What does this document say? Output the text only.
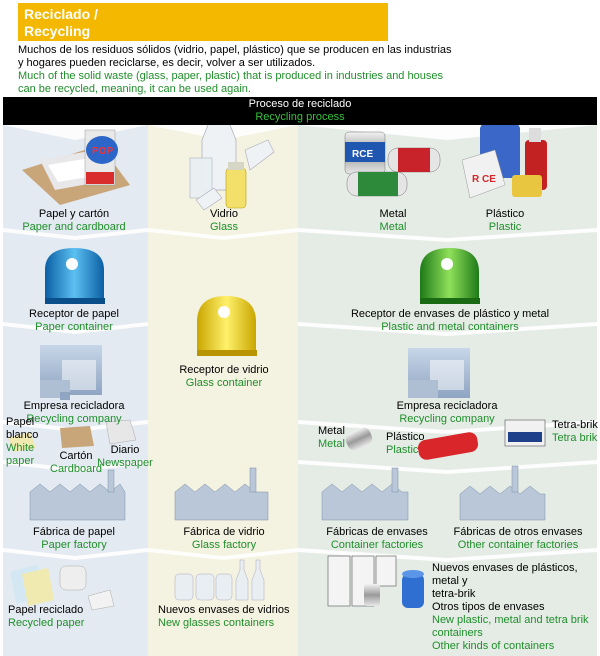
POP	RCE
R CE
Reciclado /
Recycling
Muchos de los residuos sólidos (vidrio, papel, plástico) que se producen en las industrias
y hogares pueden reciclarse, es decir, volver a ser utilizados.
Much of the solid waste (glass, paper, plastic) that is produced in industries and houses
can be recycled, meaning, it can be used again.
Proceso de reciclado
Recycling process
Papel y cartón
Paper and cardboard
Receptor de papel
Paper container
Empresa recicladora
Recycling company
Papel
blanco
White
paper	Cartón
Cardboard
Diario
Newspaper
Fábrica de papel
Paper factory
Papel reciclado
Recycled paper
Vidrio
Glass
Receptor de vidrio
Glass container
Fábrica de vidrio
Glass factory
Nuevos envases de vidrios
New glasses containers
Metal
Metal
Plástico
Plastic
Receptor de envases de plástico y metal
Plastic and metal containers
Empresa recicladora
Recycling company
Metal
Metal
Plástico
Plastic
Tetra-brik
Tetra brik
Fábricas de envases
Container factories
Fábricas de otros envases
Other container factories
Nuevos envases de plásticos, metal y
tetra-brik
Otros tipos de envases
New plastic, metal and tetra brik
containers
Other kinds of containers
